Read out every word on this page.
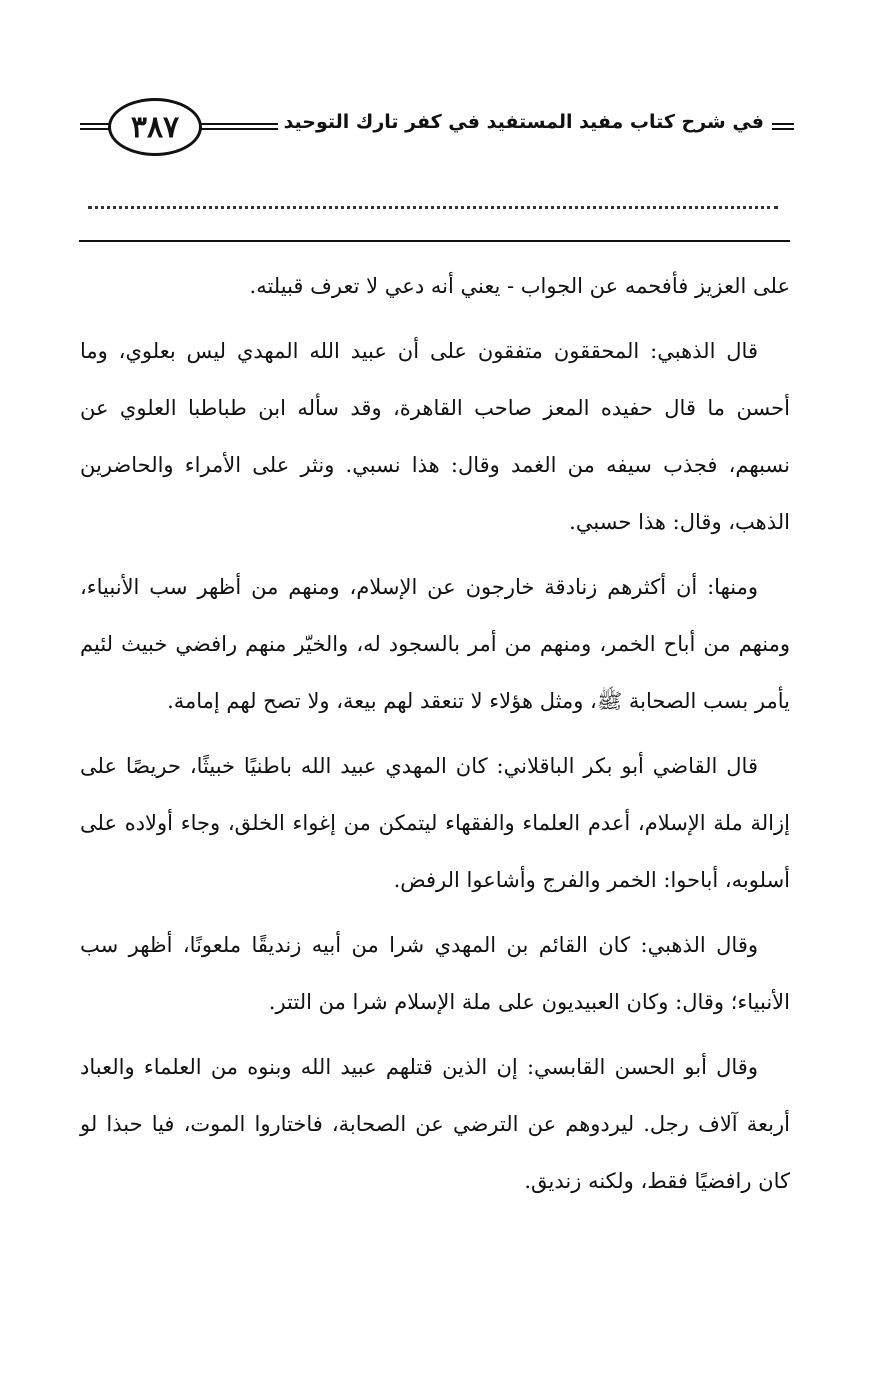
٣٨٧	في شرح كتاب مفيد المستفيد في كفر تارك التوحيد

على العزيز فأفحمه عن الجواب - يعني أنه دعي لا تعرف قبيلته.

قال الذهبي: المحققون متفقون على أن عبيد الله المهدي ليس بعلوي، وما أحسن ما قال حفيده المعز صاحب القاهرة، وقد سأله ابن طباطبا العلوي عن نسبهم، فجذب سيفه من الغمد وقال: هذا نسبي. ونثر على الأمراء والحاضرين الذهب، وقال: هذا حسبي.

ومنها: أن أكثرهم زنادقة خارجون عن الإسلام، ومنهم من أظهر سب الأنبياء، ومنهم من أباح الخمر، ومنهم من أمر بالسجود له، والخيّر منهم رافضي خبيث لئيم يأمر بسب الصحابة ﷺ، ومثل هؤلاء لا تنعقد لهم بيعة، ولا تصح لهم إمامة.

قال القاضي أبو بكر الباقلاني: كان المهدي عبيد الله باطنيًا خبيثًا، حريصًا على إزالة ملة الإسلام، أعدم العلماء والفقهاء ليتمكن من إغواء الخلق، وجاء أولاده على أسلوبه، أباحوا: الخمر والفرج وأشاعوا الرفض.

وقال الذهبي: كان القائم بن المهدي شرا من أبيه زنديقًا ملعونًا، أظهر سب الأنبياء؛ وقال: وكان العبيديون على ملة الإسلام شرا من التتر.

وقال أبو الحسن القابسي: إن الذين قتلهم عبيد الله وبنوه من العلماء والعباد أربعة آلاف رجل. ليردوهم عن الترضي عن الصحابة، فاختاروا الموت، فيا حبذا لو كان رافضيًا فقط، ولكنه زنديق.
